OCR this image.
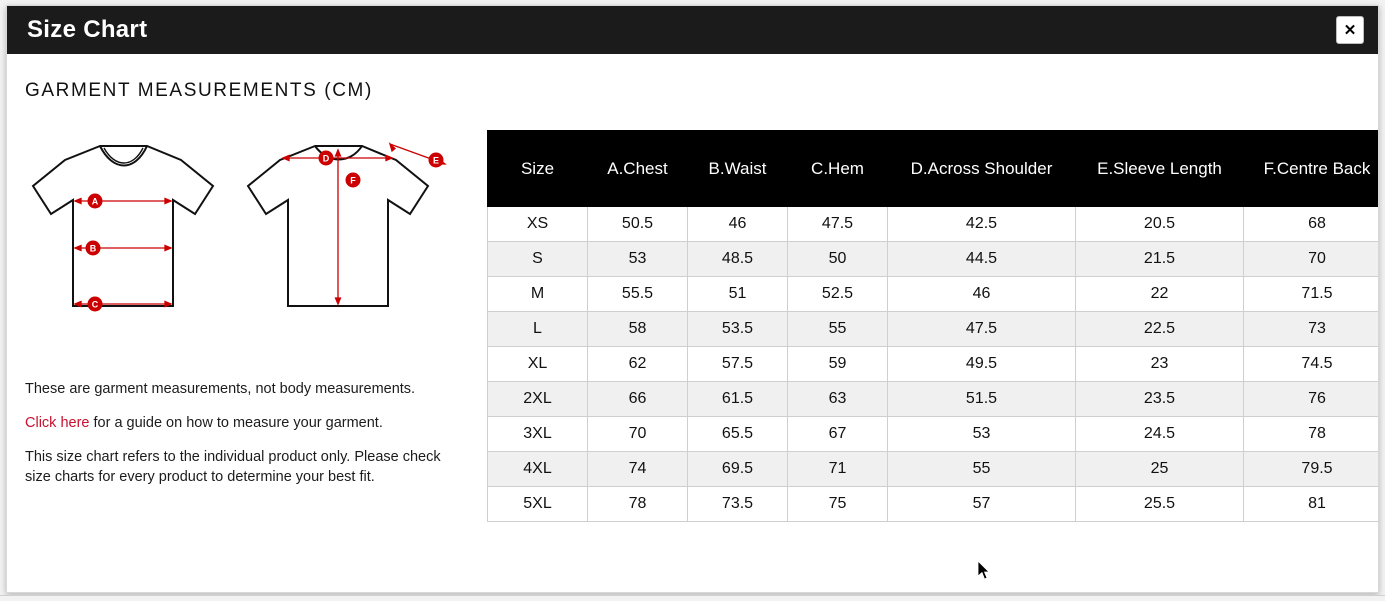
Size Chart	✕
GARMENT MEASUREMENTS (CM)
A
B
C
D	E
F

These are garment measurements, not body measurements.

Click here for a guide on how to measure your garment.

This size chart refers to the individual product only. Please check size charts for every product to determine your best fit.

Size	A.Chest	B.Waist	C.Hem	D.Across Shoulder	E.Sleeve Length	F.Centre Back
XS	50.5	46	47.5	42.5	20.5	68
S	53	48.5	50	44.5	21.5	70
M	55.5	51	52.5	46	22	71.5
L	58	53.5	55	47.5	22.5	73
XL	62	57.5	59	49.5	23	74.5
2XL	66	61.5	63	51.5	23.5	76
3XL	70	65.5	67	53	24.5	78
4XL	74	69.5	71	55	25	79.5
5XL	78	73.5	75	57	25.5	81
